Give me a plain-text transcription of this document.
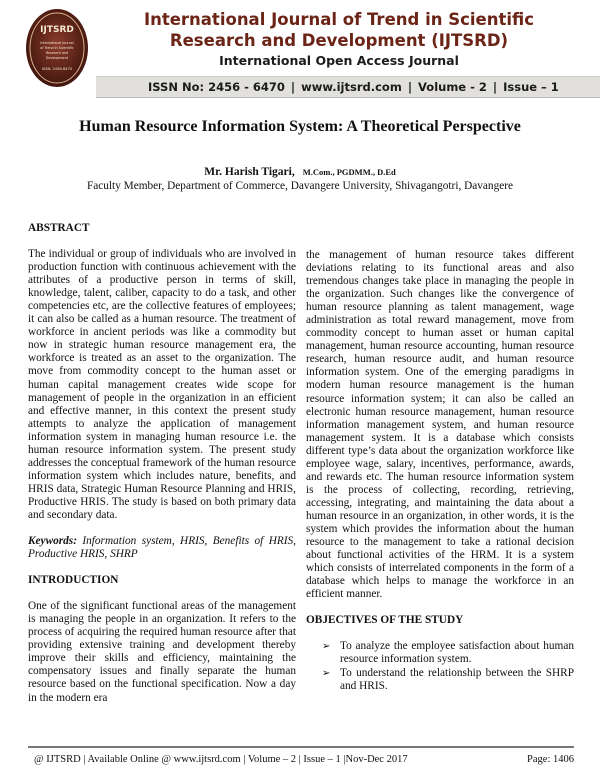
IJTSRD
International Journal
of Trend in Scientific
Research and
Development
ISSN: 2456-6470
International Journal of Trend in Scientific
Research and Development (IJTSRD)
International Open Access Journal
ISSN No: 2456 - 6470 | www.ijtsrd.com | Volume - 2 | Issue – 1
Human Resource Information System: A Theoretical Perspective
Mr. Harish Tigari, M.Com., PGDMM., D.Ed
Faculty Member, Department of Commerce, Davangere University, Shivagangotri, Davangere
ABSTRACT

The individual or group of individuals who are involved in production function with continuous achievement with the attributes of a productive person in terms of skill, knowledge, talent, caliber, capacity to do a task, and other competencies etc, are the collective features of employees; it can also be called as a human resource. The treatment of workforce in ancient periods was like a commodity but now in strategic human resource management era, the workforce is treated as an asset to the organization. The move from commodity concept to the human asset or human capital management creates wide scope for management of people in the organization in an efficient and effective manner, in this context the present study attempts to analyze the application of management information system in managing human resource i.e. the human resource information system. The present study addresses the conceptual framework of the human resource information system which includes nature, benefits, and HRIS data, Strategic Human Resource Planning and HRIS, Productive HRIS. The study is based on both primary data and secondary data.

Keywords: Information system, HRIS, Benefits of HRIS, Productive HRIS, SHRP

INTRODUCTION

One of the significant functional areas of the management is managing the people in an organization. It refers to the process of acquiring the required human resource after that providing extensive training and development thereby improve their skills and efficiency, maintaining the compensatory issues and finally separate the human resource based on the functional specification. Now a day in the modern era

the management of human resource takes different deviations relating to its functional areas and also tremendous changes take place in managing the people in the organization. Such changes like the convergence of human resource planning as talent management, wage administration as total reward management, move from commodity concept to human asset or human capital management, human resource accounting, human resource research, human resource audit, and human resource information system. One of the emerging paradigms in modern human resource management is the human resource information system; it can also be called an electronic human resource management, human resource information management system, and human resource management system. It is a database which consists different type’s data about the organization workforce like employee wage, salary, incentives, performance, awards, and rewards etc. The human resource information system is the process of collecting, recording, retrieving, accessing, integrating, and maintaining the data about a human resource in an organization, in other words, it is the system which provides the information about the human resource to the management to take a rational decision about functional activities of the HRM. It is a system which consists of interrelated components in the form of a database which helps to manage the workforce in an efficient manner.

OBJECTIVES OF THE STUDY
➢ To analyze the employee satisfaction about human resource information system.
➢ To understand the relationship between the SHRP and HRIS.
@ IJTSRD | Available Online @ www.ijtsrd.com | Volume – 2 | Issue – 1 |Nov-Dec 2017	Page: 1406
